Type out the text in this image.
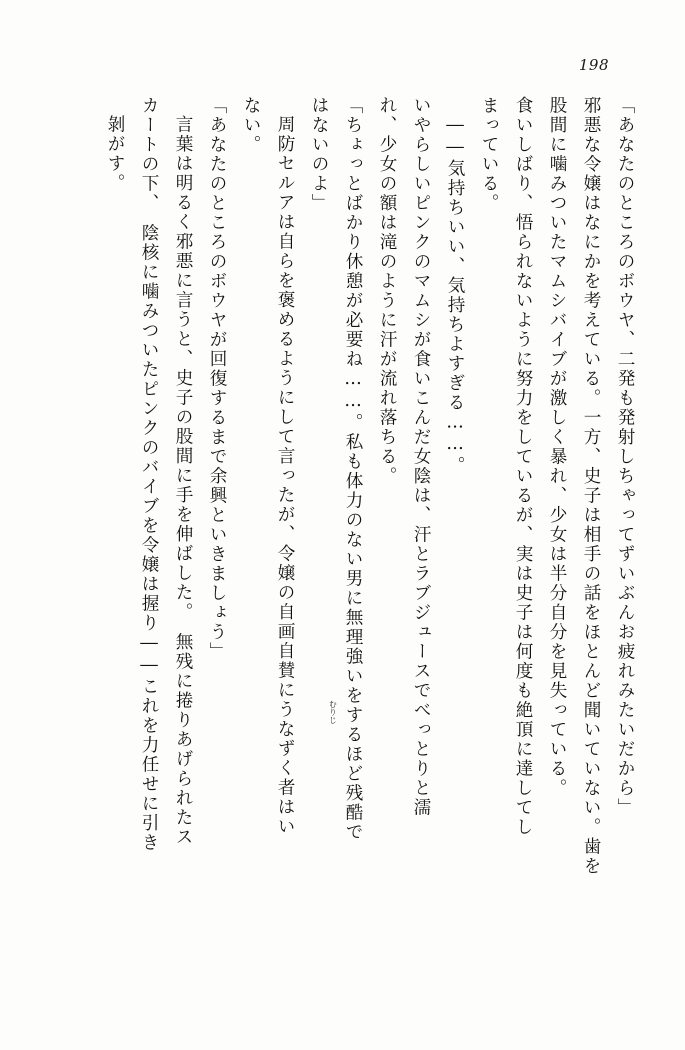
198
「あなたのところのボウヤ、二発も発射しちゃってずいぶんお疲れみたいだから」
邪悪な令嬢はなにかを考えている。一方、史子は相手の話をほとんど聞いていない。歯を
股間に噛みついたマムシバイブが激しく暴れ、少女は半分自分を見失っている。
食いしばり、悟られないように努力をしているが、実は史子は何度も絶頂に達してし
まっている。
――気持ちいい、気持ちよすぎる……。
いやらしいピンクのマムシが食いこんだ女陰は、汗とラブジュースでべっとりと濡
れ、少女の額は滝のように汗が流れ落ちる。
「ちょっとばかり休憩が必要ね……。私も体力のない男に無理強いをするほど残酷で
はないのよ」
周防セルアは自らを褒めるようにして言ったが、令嬢の自画自賛にうなずく者はい
ない。
「あなたのところのボウヤが回復するまで余興といきましょう」
言葉は明るく邪悪に言うと、史子の股間に手を伸ばした。　無残に捲りあげられたス
カートの下、　陰核に噛みついたピンクのバイブを令嬢は握り――これを力任せに引き
剝がす。
むりじ
